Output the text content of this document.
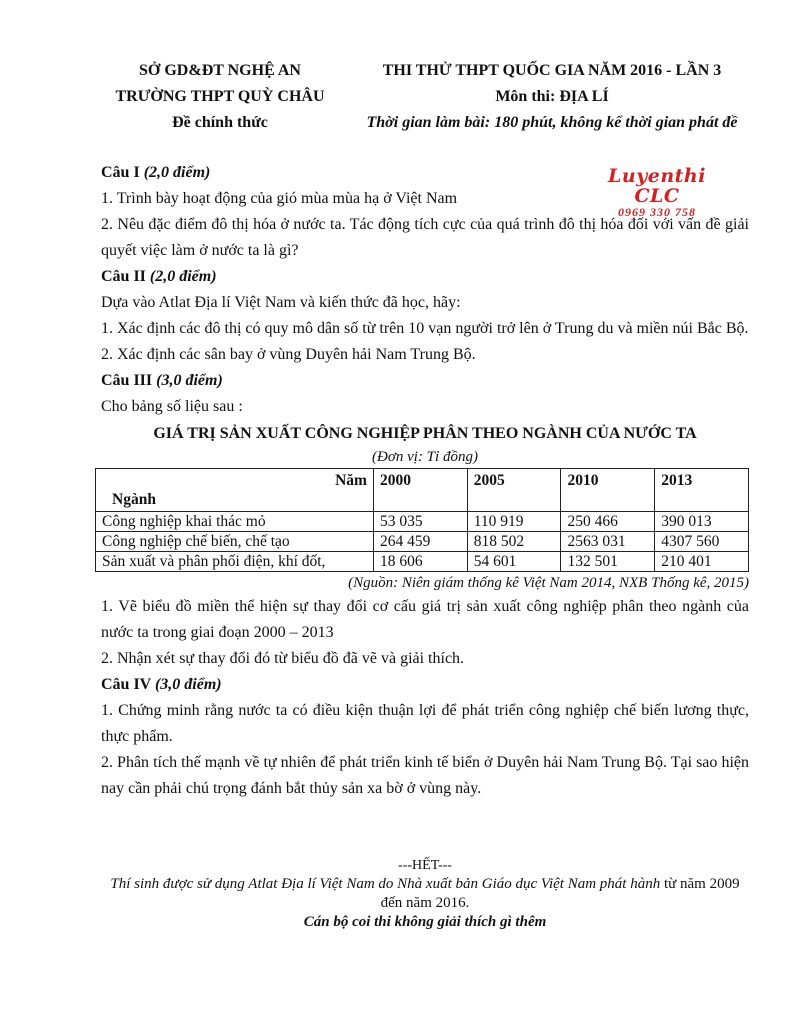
SỞ GD&ĐT NGHỆ AN
TRƯỜNG THPT QUỲ CHÂU
Đề chính thức
THI THỬ THPT QUỐC GIA NĂM 2016 - LẦN 3
Môn thi: ĐỊA LÍ
Thời gian làm bài: 180 phút, không kể thời gian phát đề
Luyenthi CLC
0969 330 758

Câu I (2,0 điểm)

1. Trình bày hoạt động của gió mùa mùa hạ ở Việt Nam

2. Nêu đặc điểm đô thị hóa ở nước ta. Tác động tích cực của quá trình đô thị hóa đối với vấn đề giải quyết việc làm ở nước ta là gì?

Câu II (2,0 điểm)

Dựa vào Atlat Địa lí Việt Nam và kiến thức đã học, hãy:

1. Xác định các đô thị có quy mô dân số từ trên 10 vạn người trở lên ở Trung du và miền núi Bắc Bộ.

2. Xác định các sân bay ở vùng Duyên hải Nam Trung Bộ.

Câu III (3,0 điểm)

Cho bảng số liệu sau :

GIÁ TRỊ SẢN XUẤT CÔNG NGHIỆP PHÂN THEO NGÀNH CỦA NƯỚC TA
(Đơn vị: Tỉ đồng)
Năm
Ngành	2000	2005	2010	2013
Công nghiệp khai thác mỏ	53 035	110 919	250 466	390 013
Công nghiệp chế biến, chế tạo	264 459	818 502	2563 031	4307 560
Sản xuất và phân phối điện, khí đốt,	18 606	54 601	132 501	210 401
(Nguồn: Niên giám thống kê Việt Nam 2014, NXB Thống kê, 2015)

1. Vẽ biểu đồ miền thể hiện sự thay đổi cơ cấu giá trị sản xuất công nghiệp phân theo ngành của nước ta trong giai đoạn 2000 – 2013

2. Nhận xét sự thay đổi đó từ biểu đồ đã vẽ và giải thích.

Câu IV (3,0 điểm)

1. Chứng minh rằng nước ta có điều kiện thuận lợi để phát triển công nghiệp chế biến lương thực, thực phẩm.

2. Phân tích thế mạnh về tự nhiên để phát triển kinh tế biển ở Duyên hải Nam Trung Bộ. Tại sao hiện nay cần phải chú trọng đánh bắt thủy sản xa bờ ở vùng này.

---HẾT---
Thí sinh được sử dụng Atlat Địa lí Việt Nam do Nhà xuất bản Giáo dục Việt Nam phát hành từ năm 2009 đến năm 2016.
Cán bộ coi thi không giải thích gì thêm
